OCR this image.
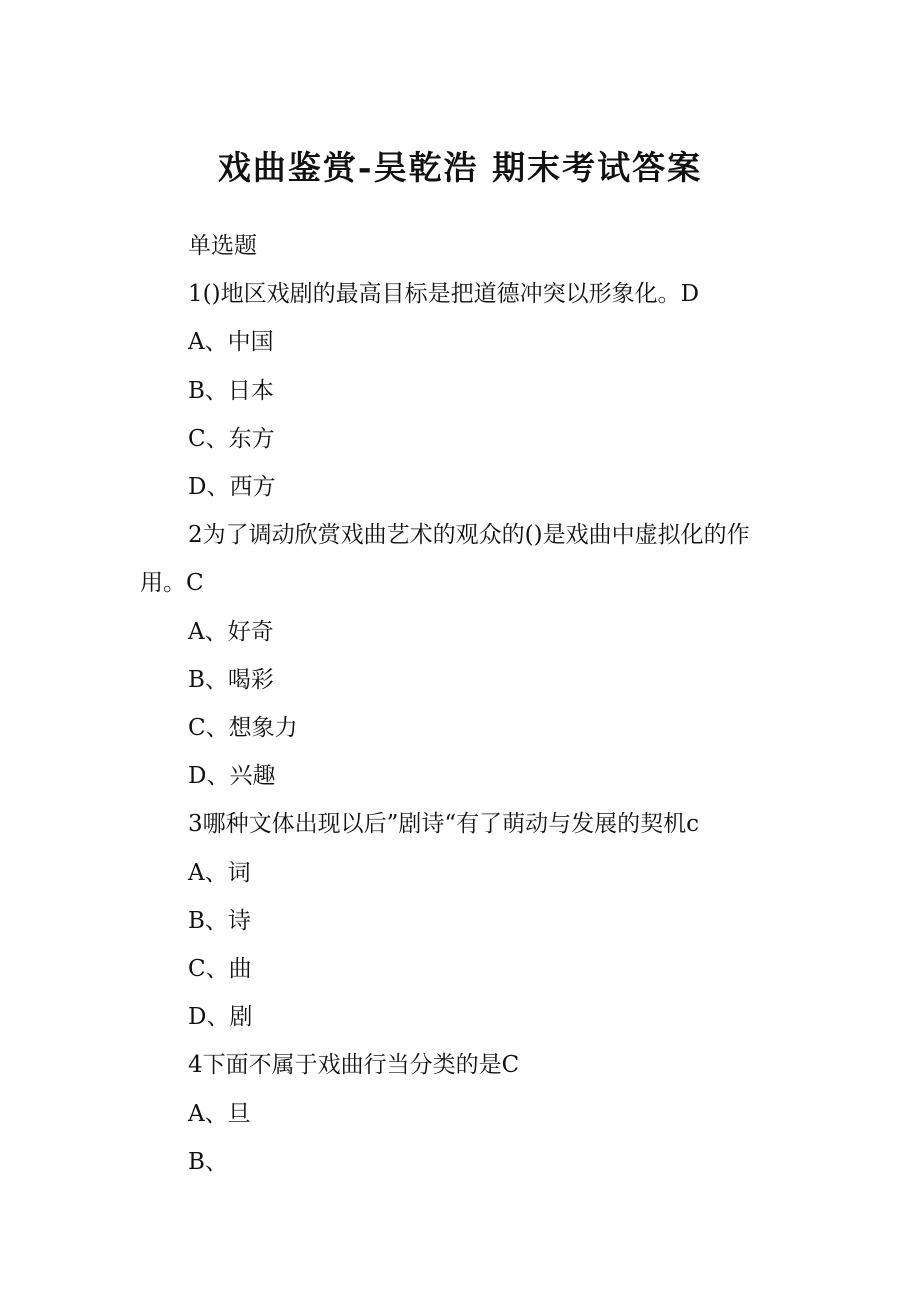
戏曲鉴赏-吴乾浩 期末考试答案
单选题
1()地区戏剧的最高目标是把道德冲突以形象化。D
A、中国
B、日本
C、东方
D、西方
2为了调动欣赏戏曲艺术的观众的()是戏曲中虚拟化的作用。C
A、好奇
B、喝彩
C、想象力
D、兴趣
3哪种文体出现以后”剧诗“有了萌动与发展的契机c
A、词
B、诗
C、曲
D、剧
4下面不属于戏曲行当分类的是C
A、旦
B、
